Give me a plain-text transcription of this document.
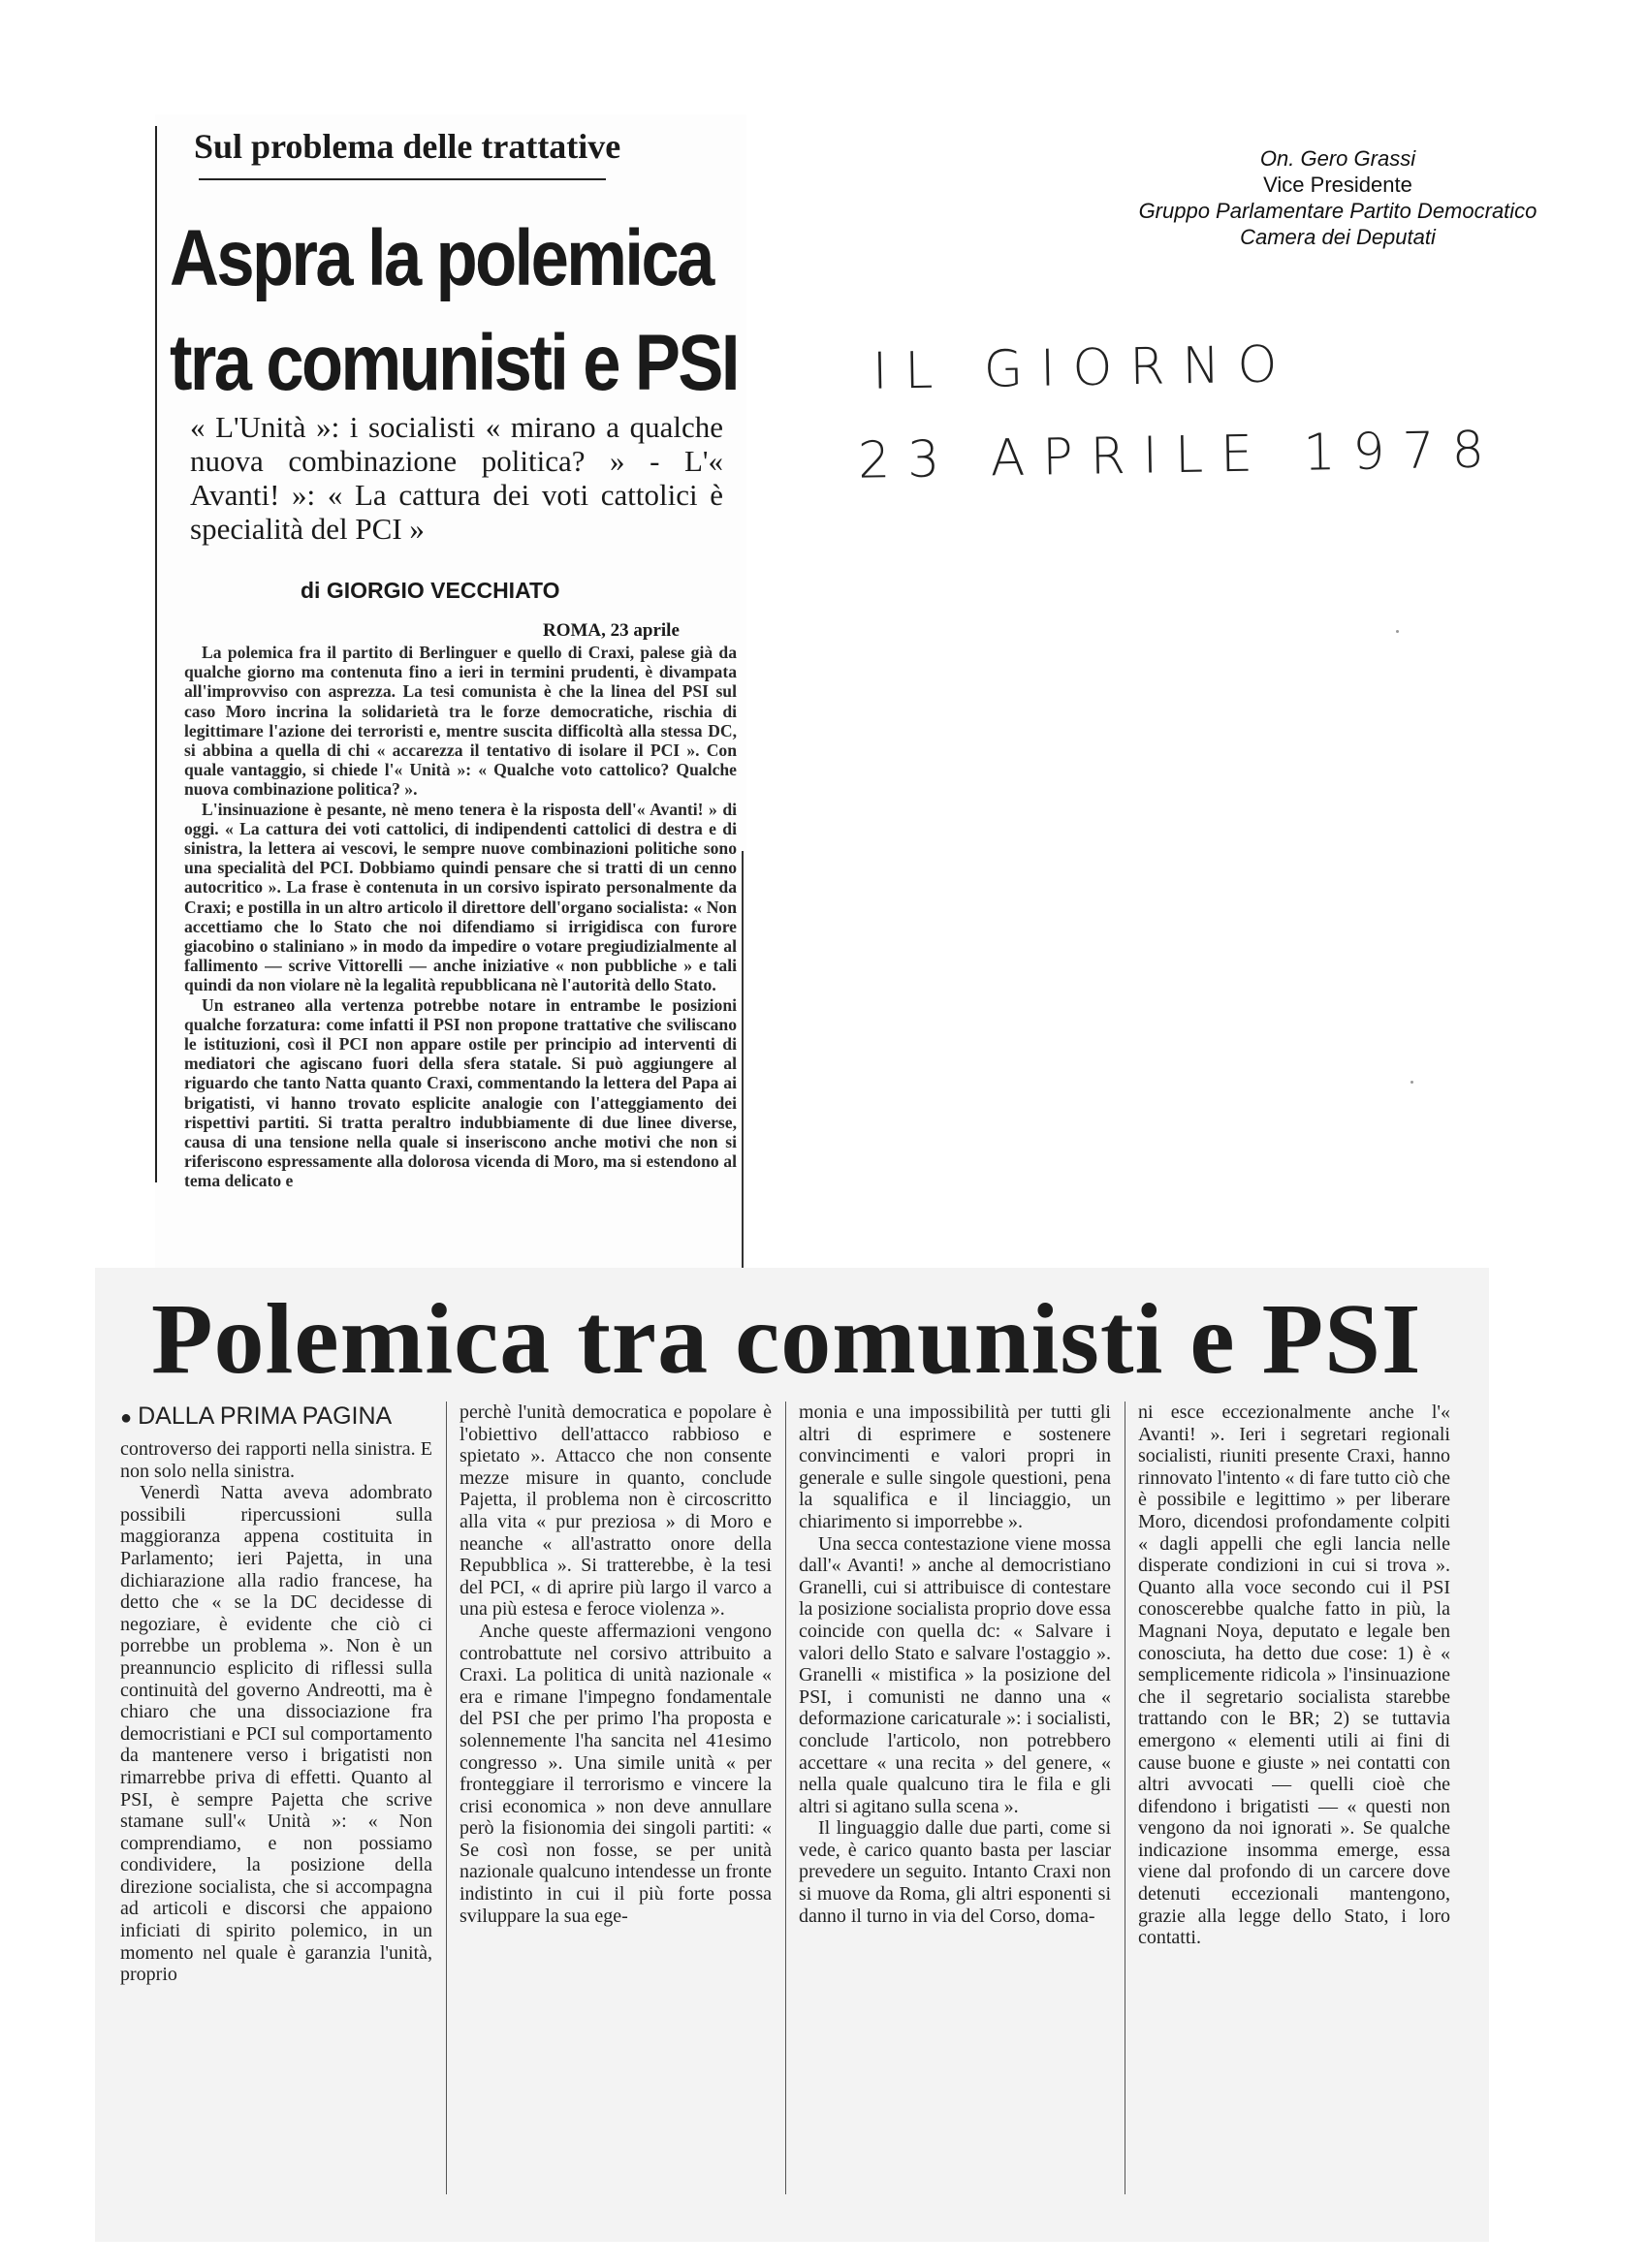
On. Gero Grassi
Vice Presidente
Gruppo Parlamentare Partito Democratico
Camera dei Deputati
IL GIORNO
23 APRILE 1978
Sul problema delle trattative
Aspra la polemica
tra comunisti e PSI
« L'Unità »: i socialisti « mirano a qualche nuova combinazione politica? » - L'« Avanti! »: « La cattura dei voti cattolici è specialità del PCI »
di GIORGIO VECCHIATO
ROMA, 23 aprile

La polemica fra il partito di Berlinguer e quello di Craxi, palese già da qualche giorno ma contenuta fino a ieri in termini prudenti, è divampata all'improvviso con asprezza. La tesi comunista è che la linea del PSI sul caso Moro incrina la solidarietà tra le forze democratiche, rischia di legittimare l'azione dei terroristi e, mentre suscita difficoltà alla stessa DC, si abbina a quella di chi « accarezza il tentativo di isolare il PCI ». Con quale vantaggio, si chiede l'« Unità »: « Qualche voto cattolico? Qualche nuova combinazione politica? ».

L'insinuazione è pesante, nè meno tenera è la risposta dell'« Avanti! » di oggi. « La cattura dei voti cattolici, di indipendenti cattolici di destra e di sinistra, la lettera ai vescovi, le sempre nuove combinazioni politiche sono una specialità del PCI. Dobbiamo quindi pensare che si tratti di un cenno autocritico ». La frase è contenuta in un corsivo ispirato personalmente da Craxi; e postilla in un altro articolo il direttore dell'organo socialista: « Non accettiamo che lo Stato che noi difendiamo si irrigidisca con furore giacobino o staliniano » in modo da impedire o votare pregiudizialmente al fallimento — scrive Vittorelli — anche iniziative « non pubbliche » e tali quindi da non violare nè la legalità repubblicana nè l'autorità dello Stato.

Un estraneo alla vertenza potrebbe notare in entrambe le posizioni qualche forzatura: come infatti il PSI non propone trattative che sviliscano le istituzioni, così il PCI non appare ostile per principio ad interventi di mediatori che agiscano fuori della sfera statale. Si può aggiungere al riguardo che tanto Natta quanto Craxi, commentando la lettera del Papa ai brigatisti, vi hanno trovato esplicite analogie con l'atteggiamento dei rispettivi partiti. Si tratta peraltro indubbiamente di due linee diverse, causa di una tensione nella quale si inseriscono anche motivi che non si riferiscono espressamente alla dolorosa vicenda di Moro, ma si estendono al tema delicato e

Polemica tra comunisti e PSI
● DALLA PRIMA PAGINA

controverso dei rapporti nella sinistra. E non solo nella sinistra.

Venerdì Natta aveva adombrato possibili ripercussioni sulla maggioranza appena costituita in Parlamento; ieri Pajetta, in una dichiarazione alla radio francese, ha detto che « se la DC decidesse di negoziare, è evidente che ciò ci porrebbe un problema ». Non è un preannuncio esplicito di riflessi sulla continuità del governo Andreotti, ma è chiaro che una dissociazione fra democristiani e PCI sul comportamento da mantenere verso i brigatisti non rimarrebbe priva di effetti. Quanto al PSI, è sempre Pajetta che scrive stamane sull'« Unità »: « Non comprendiamo, e non possiamo condividere, la posizione della direzione socialista, che si accompagna ad articoli e discorsi che appaiono inficiati di spirito polemico, in un momento nel quale è garanzia l'unità, proprio

perchè l'unità democratica e popolare è l'obiettivo dell'attacco rabbioso e spietato ». Attacco che non consente mezze misure in quanto, conclude Pajetta, il problema non è circoscritto alla vita « pur preziosa » di Moro e neanche « all'astratto onore della Repubblica ». Si tratterebbe, è la tesi del PCI, « di aprire più largo il varco a una più estesa e feroce violenza ».

Anche queste affermazioni vengono controbattute nel corsivo attribuito a Craxi. La politica di unità nazionale « era e rimane l'impegno fondamentale del PSI che per primo l'ha proposta e solennemente l'ha sancita nel 41esimo congresso ». Una simile unità « per fronteggiare il terrorismo e vincere la crisi economica » non deve annullare però la fisionomia dei singoli partiti: « Se così non fosse, se per unità nazionale qualcuno intendesse un fronte indistinto in cui il più forte possa sviluppare la sua ege-

monia e una impossibilità per tutti gli altri di esprimere e sostenere convincimenti e valori propri in generale e sulle singole questioni, pena la squalifica e il linciaggio, un chiarimento si imporrebbe ».

Una secca contestazione viene mossa dall'« Avanti! » anche al democristiano Granelli, cui si attribuisce di contestare la posizione socialista proprio dove essa coincide con quella dc: « Salvare i valori dello Stato e salvare l'ostaggio ». Granelli « mistifica » la posizione del PSI, i comunisti ne danno una « deformazione caricaturale »: i socialisti, conclude l'articolo, non potrebbero accettare « una recita » del genere, « nella quale qualcuno tira le fila e gli altri si agitano sulla scena ».

Il linguaggio dalle due parti, come si vede, è carico quanto basta per lasciar prevedere un seguito. Intanto Craxi non si muove da Roma, gli altri esponenti si danno il turno in via del Corso, doma-

ni esce eccezionalmente anche l'« Avanti! ». Ieri i segretari regionali socialisti, riuniti presente Craxi, hanno rinnovato l'intento « di fare tutto ciò che è possibile e legittimo » per liberare Moro, dicendosi profondamente colpiti « dagli appelli che egli lancia nelle disperate condizioni in cui si trova ». Quanto alla voce secondo cui il PSI conoscerebbe qualche fatto in più, la Magnani Noya, deputato e legale ben conosciuta, ha detto due cose: 1) è « semplicemente ridicola » l'insinuazione che il segretario socialista starebbe trattando con le BR; 2) se tuttavia emergono « elementi utili ai fini di cause buone e giuste » nei contatti con altri avvocati — quelli cioè che difendono i brigatisti — « questi non vengono da noi ignorati ». Se qualche indicazione insomma emerge, essa viene dal profondo di un carcere dove detenuti eccezionali mantengono, grazie alla legge dello Stato, i loro contatti.
